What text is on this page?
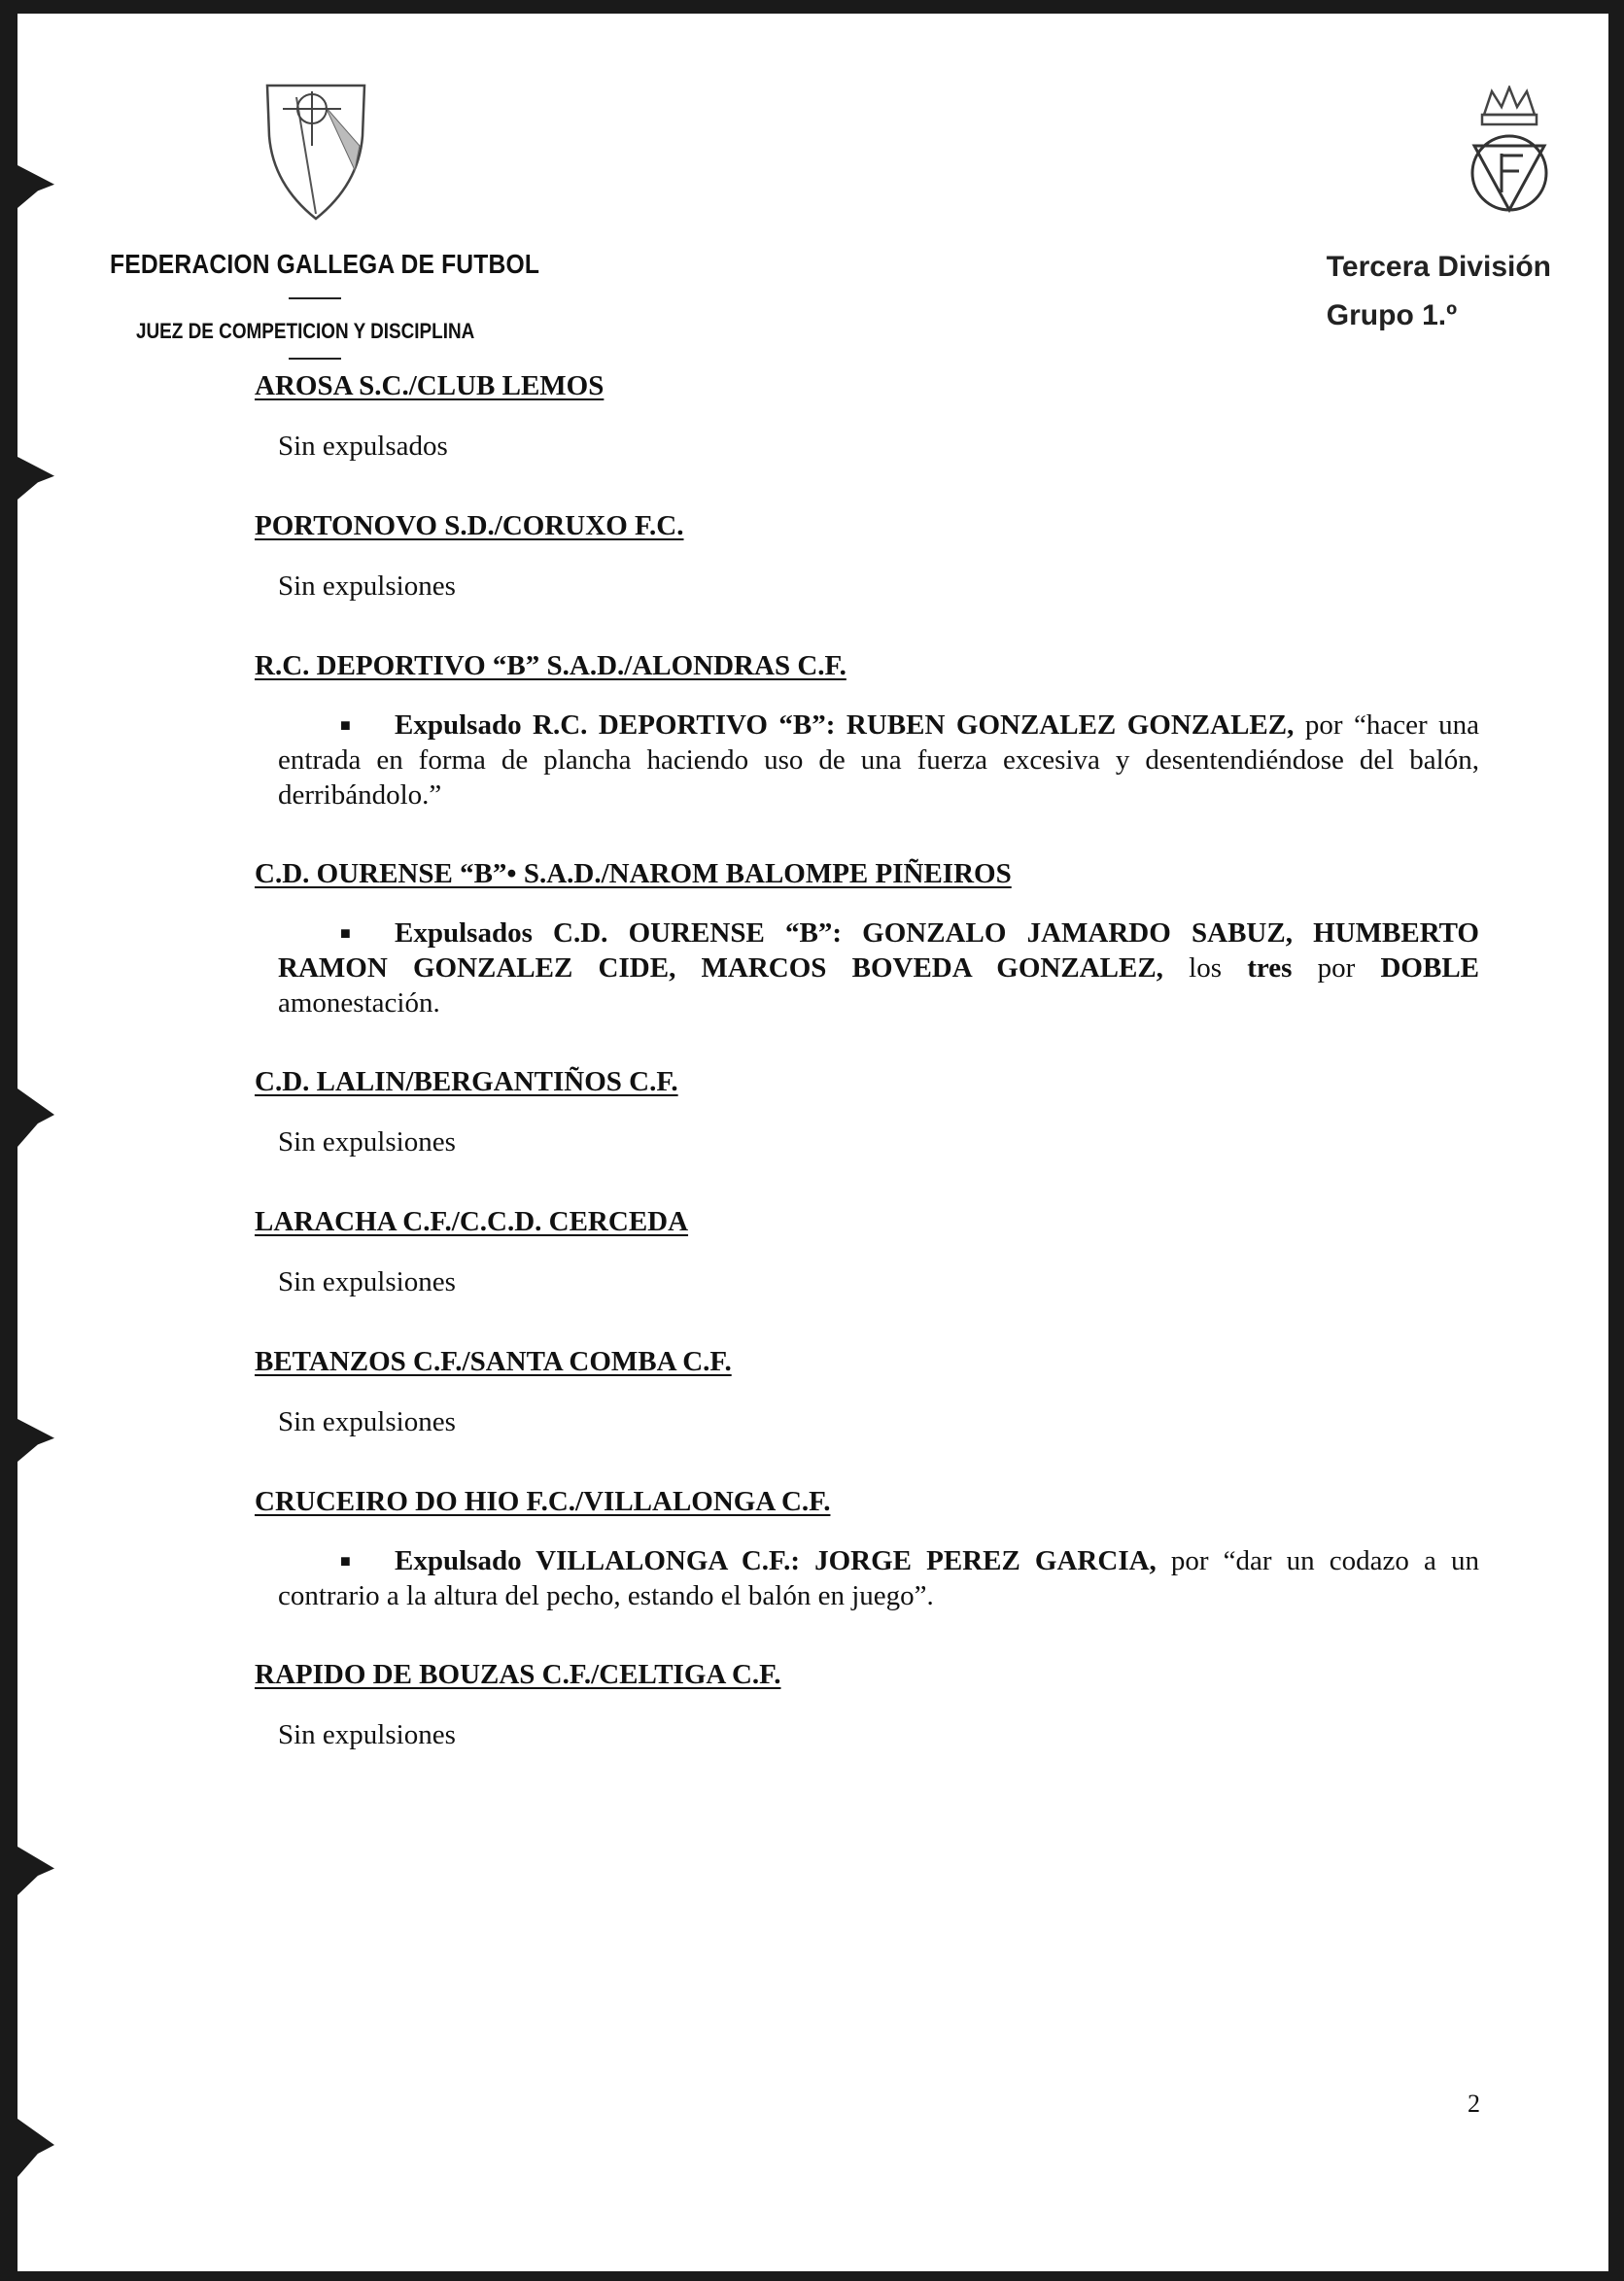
FEDERACION GALLEGA DE FUTBOL
JUEZ DE COMPETICION Y DISCIPLINA
Tercera División
Grupo 1.º

AROSA S.C./CLUB LEMOS

Sin expulsados

PORTONOVO S.D./CORUXO F.C.

Sin expulsiones

R.C. DEPORTIVO “B” S.A.D./ALONDRAS C.F.

■ Expulsado R.C. DEPORTIVO “B”: RUBEN GONZALEZ GONZALEZ, por “hacer una entrada en forma de plancha haciendo uso de una fuerza excesiva y desentendiéndose del balón, derribándolo.”

C.D. OURENSE “B”• S.A.D./NAROM BALOMPE PIÑEIROS

■ Expulsados C.D. OURENSE “B”: GONZALO JAMARDO SABUZ, HUMBERTO RAMON GONZALEZ CIDE, MARCOS BOVEDA GONZALEZ, los tres por DOBLE amonestación.

C.D. LALIN/BERGANTIÑOS C.F.

Sin expulsiones

LARACHA C.F./C.C.D. CERCEDA

Sin expulsiones

BETANZOS C.F./SANTA COMBA C.F.

Sin expulsiones

CRUCEIRO DO HIO F.C./VILLALONGA C.F.

■ Expulsado VILLALONGA C.F.: JORGE PEREZ GARCIA, por “dar un codazo a un contrario a la altura del pecho, estando el balón en juego”.

RAPIDO DE BOUZAS C.F./CELTIGA C.F.

Sin expulsiones
2
